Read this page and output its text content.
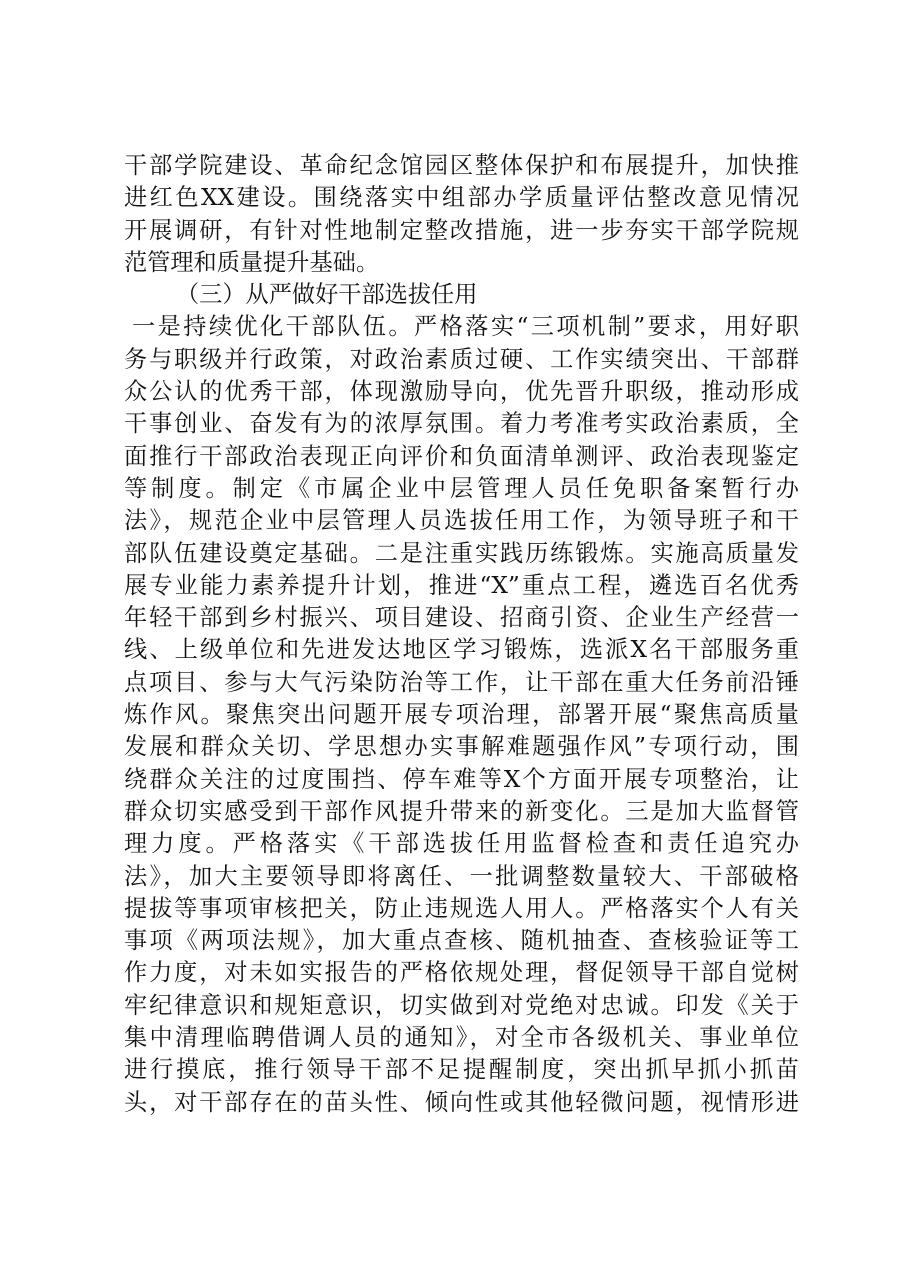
干部学院建设、革命纪念馆园区整体保护和布展提升，加快推
进红色XX建设。围绕落实中组部办学质量评估整改意见情况
开展调研，有针对性地制定整改措施，进一步夯实干部学院规
范管理和质量提升基础。
（三）从严做好干部选拔任用
一是持续优化干部队伍。严格落实“三项机制”要求，用好职
务与职级并行政策，对政治素质过硬、工作实绩突出、干部群
众公认的优秀干部，体现激励导向，优先晋升职级，推动形成
干事创业、奋发有为的浓厚氛围。着力考准考实政治素质，全
面推行干部政治表现正向评价和负面清单测评、政治表现鉴定
等制度。制定《市属企业中层管理人员任免职备案暂行办
法》，规范企业中层管理人员选拔任用工作，为领导班子和干
部队伍建设奠定基础。二是注重实践历练锻炼。实施高质量发
展专业能力素养提升计划，推进“X”重点工程，遴选百名优秀
年轻干部到乡村振兴、项目建设、招商引资、企业生产经营一
线、上级单位和先进发达地区学习锻炼，选派X名干部服务重
点项目、参与大气污染防治等工作，让干部在重大任务前沿锤
炼作风。聚焦突出问题开展专项治理，部署开展“聚焦高质量
发展和群众关切、学思想办实事解难题强作风”专项行动，围
绕群众关注的过度围挡、停车难等X个方面开展专项整治，让
群众切实感受到干部作风提升带来的新变化。三是加大监督管
理力度。严格落实《干部选拔任用监督检查和责任追究办
法》，加大主要领导即将离任、一批调整数量较大、干部破格
提拔等事项审核把关，防止违规选人用人。严格落实个人有关
事项《两项法规》，加大重点查核、随机抽查、查核验证等工
作力度，对未如实报告的严格依规处理，督促领导干部自觉树
牢纪律意识和规矩意识，切实做到对党绝对忠诚。印发《关于
集中清理临聘借调人员的通知》，对全市各级机关、事业单位
进行摸底，推行领导干部不足提醒制度，突出抓早抓小抓苗
头，对干部存在的苗头性、倾向性或其他轻微问题，视情形进
